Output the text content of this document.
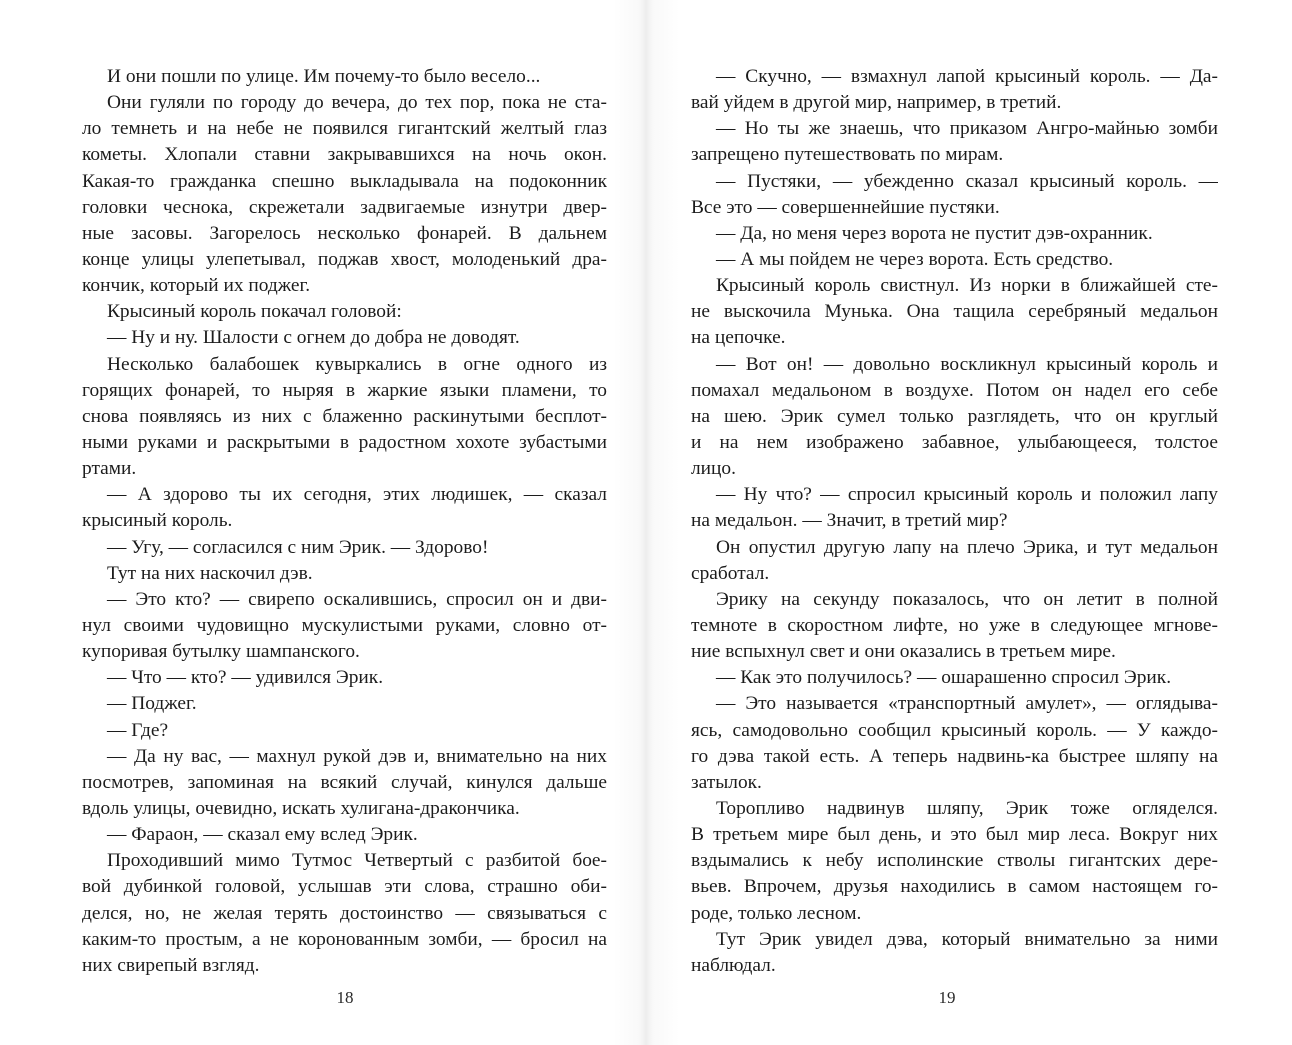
И они пошли по улице. Им почему-то было весело...
Они гуляли по городу до вечера, до тех пор, пока не ста-
ло темнеть и на небе не появился гигантский желтый глаз
кометы. Хлопали ставни закрывавшихся на ночь окон.
Какая-то гражданка спешно выкладывала на подоконник
головки чеснока, скрежетали задвигаемые изнутри двер-
ные засовы. Загорелось несколько фонарей. В дальнем
конце улицы улепетывал, поджав хвост, молоденький дра-
кончик, который их поджег.
Крысиный король покачал головой:
— Ну и ну. Шалости с огнем до добра не доводят.
Несколько балабошек кувыркались в огне одного из
горящих фонарей, то ныряя в жаркие языки пламени, то
снова появляясь из них с блаженно раскинутыми бесплот-
ными руками и раскрытыми в радостном хохоте зубастыми
ртами.
— А здорово ты их сегодня, этих людишек, — сказал
крысиный король.
— Угу, — согласился с ним Эрик. — Здорово!
Тут на них наскочил дэв.
— Это кто? — свирепо оскалившись, спросил он и дви-
нул своими чудовищно мускулистыми руками, словно от-
купоривая бутылку шампанского.
— Что — кто? — удивился Эрик.
— Поджег.
— Где?
— Да ну вас, — махнул рукой дэв и, внимательно на них
посмотрев, запоминая на всякий случай, кинулся дальше
вдоль улицы, очевидно, искать хулигана-дракончика.
— Фараон, — сказал ему вслед Эрик.
Проходивший мимо Тутмос Четвертый с разбитой боe-
вой дубинкой головой, услышав эти слова, страшно оби-
делся, но, не желая терять достоинство — связываться с
каким-то простым, а не коронованным зомби, — бросил на
них свирепый взгляд.
18
— Скучно, — взмахнул лапой крысиный король. — Да-
вай уйдем в другой мир, например, в третий.
— Но ты же знаешь, что приказом Ангро-майнью зомби
запрещено путешествовать по мирам.
— Пустяки, — убежденно сказал крысиный король. —
Все это — совершеннейшие пустяки.
— Да, но меня через ворота не пустит дэв-охранник.
— А мы пойдем не через ворота. Есть средство.
Крысиный король свистнул. Из норки в ближайшей сте-
не выскочила Мунька. Она тащила серебряный медальон
на цепочке.
— Вот он! — довольно воскликнул крысиный король и
помахал медальоном в воздухе. Потом он надел его себе
на шею. Эрик сумел только разглядеть, что он круглый
и на нем изображено забавное, улыбающееся, толстое
лицо.
— Ну что? — спросил крысиный король и положил лапу
на медальон. — Значит, в третий мир?
Он опустил другую лапу на плечо Эрика, и тут медальон
сработал.
Эрику на секунду показалось, что он летит в полной
темноте в скоростном лифте, но уже в следующее мгнове-
ние вспыхнул свет и они оказались в третьем мире.
— Как это получилось? — ошарашенно спросил Эрик.
— Это называется «транспортный амулет», — оглядыва-
ясь, самодовольно сообщил крысиный король. — У каждо-
го дэва такой есть. А теперь надвинь-ка быстрее шляпу на
затылок.
Торопливо надвинув шляпу, Эрик тоже огляделся.
В третьем мире был день, и это был мир леса. Вокруг них
вздымались к небу исполинские стволы гигантских дере-
вьев. Впрочем, друзья находились в самом настоящем го-
роде, только лесном.
Тут Эрик увидел дэва, который внимательно за ними
наблюдал.
19
